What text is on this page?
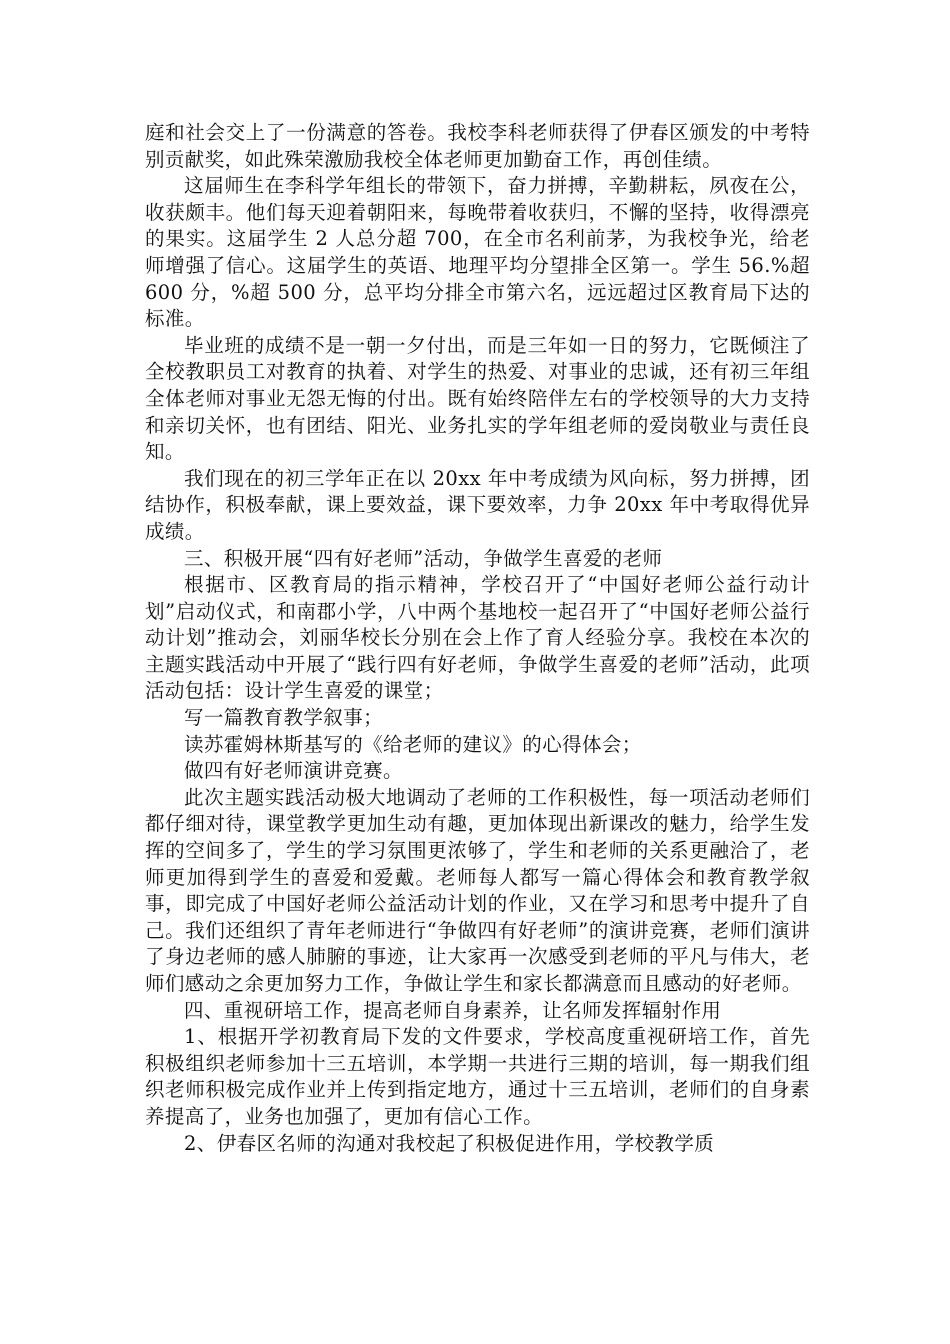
庭和社会交上了一份满意的答卷。我校李科老师获得了伊春区颁发的中考特别贡献奖，如此殊荣激励我校全体老师更加勤奋工作，再创佳绩。

这届师生在李科学年组长的带领下，奋力拼搏，辛勤耕耘，夙夜在公，收获颇丰。他们每天迎着朝阳来，每晚带着收获归，不懈的坚持，收得漂亮的果实。这届学生 2 人总分超 700，在全市名利前茅，为我校争光，给老师增强了信心。这届学生的英语、地理平均分望排全区第一。学生 56.%超 600 分，%超 500 分，总平均分排全市第六名，远远超过区教育局下达的标准。

毕业班的成绩不是一朝一夕付出，而是三年如一日的努力，它既倾注了全校教职员工对教育的执着、对学生的热爱、对事业的忠诚，还有初三年组全体老师对事业无怨无悔的付出。既有始终陪伴左右的学校领导的大力支持和亲切关怀，也有团结、阳光、业务扎实的学年组老师的爱岗敬业与责任良知。

我们现在的初三学年正在以 20xx 年中考成绩为风向标，努力拼搏，团结协作，积极奉献，课上要效益，课下要效率，力争 20xx 年中考取得优异成绩。

三、积极开展“四有好老师”活动，争做学生喜爱的老师

根据市、区教育局的指示精神，学校召开了“中国好老师公益行动计划”启动仪式，和南郡小学，八中两个基地校一起召开了“中国好老师公益行动计划”推动会，刘丽华校长分别在会上作了育人经验分享。我校在本次的主题实践活动中开展了“践行四有好老师，争做学生喜爱的老师”活动，此项活动包括：设计学生喜爱的课堂；

写一篇教育教学叙事；

读苏霍姆林斯基写的《给老师的建议》的心得体会；

做四有好老师演讲竞赛。

此次主题实践活动极大地调动了老师的工作积极性，每一项活动老师们都仔细对待，课堂教学更加生动有趣，更加体现出新课改的魅力，给学生发挥的空间多了，学生的学习氛围更浓够了，学生和老师的关系更融洽了，老师更加得到学生的喜爱和爱戴。老师每人都写一篇心得体会和教育教学叙事，即完成了中国好老师公益活动计划的作业，又在学习和思考中提升了自己。我们还组织了青年老师进行“争做四有好老师”的演讲竞赛，老师们演讲了身边老师的感人肺腑的事迹，让大家再一次感受到老师的平凡与伟大，老师们感动之余更加努力工作，争做让学生和家长都满意而且感动的好老师。

四、重视研培工作，提高老师自身素养，让名师发挥辐射作用

1、根据开学初教育局下发的文件要求，学校高度重视研培工作，首先积极组织老师参加十三五培训，本学期一共进行三期的培训，每一期我们组织老师积极完成作业并上传到指定地方，通过十三五培训，老师们的自身素养提高了，业务也加强了，更加有信心工作。

2、伊春区名师的沟通对我校起了积极促进作用，学校教学质
